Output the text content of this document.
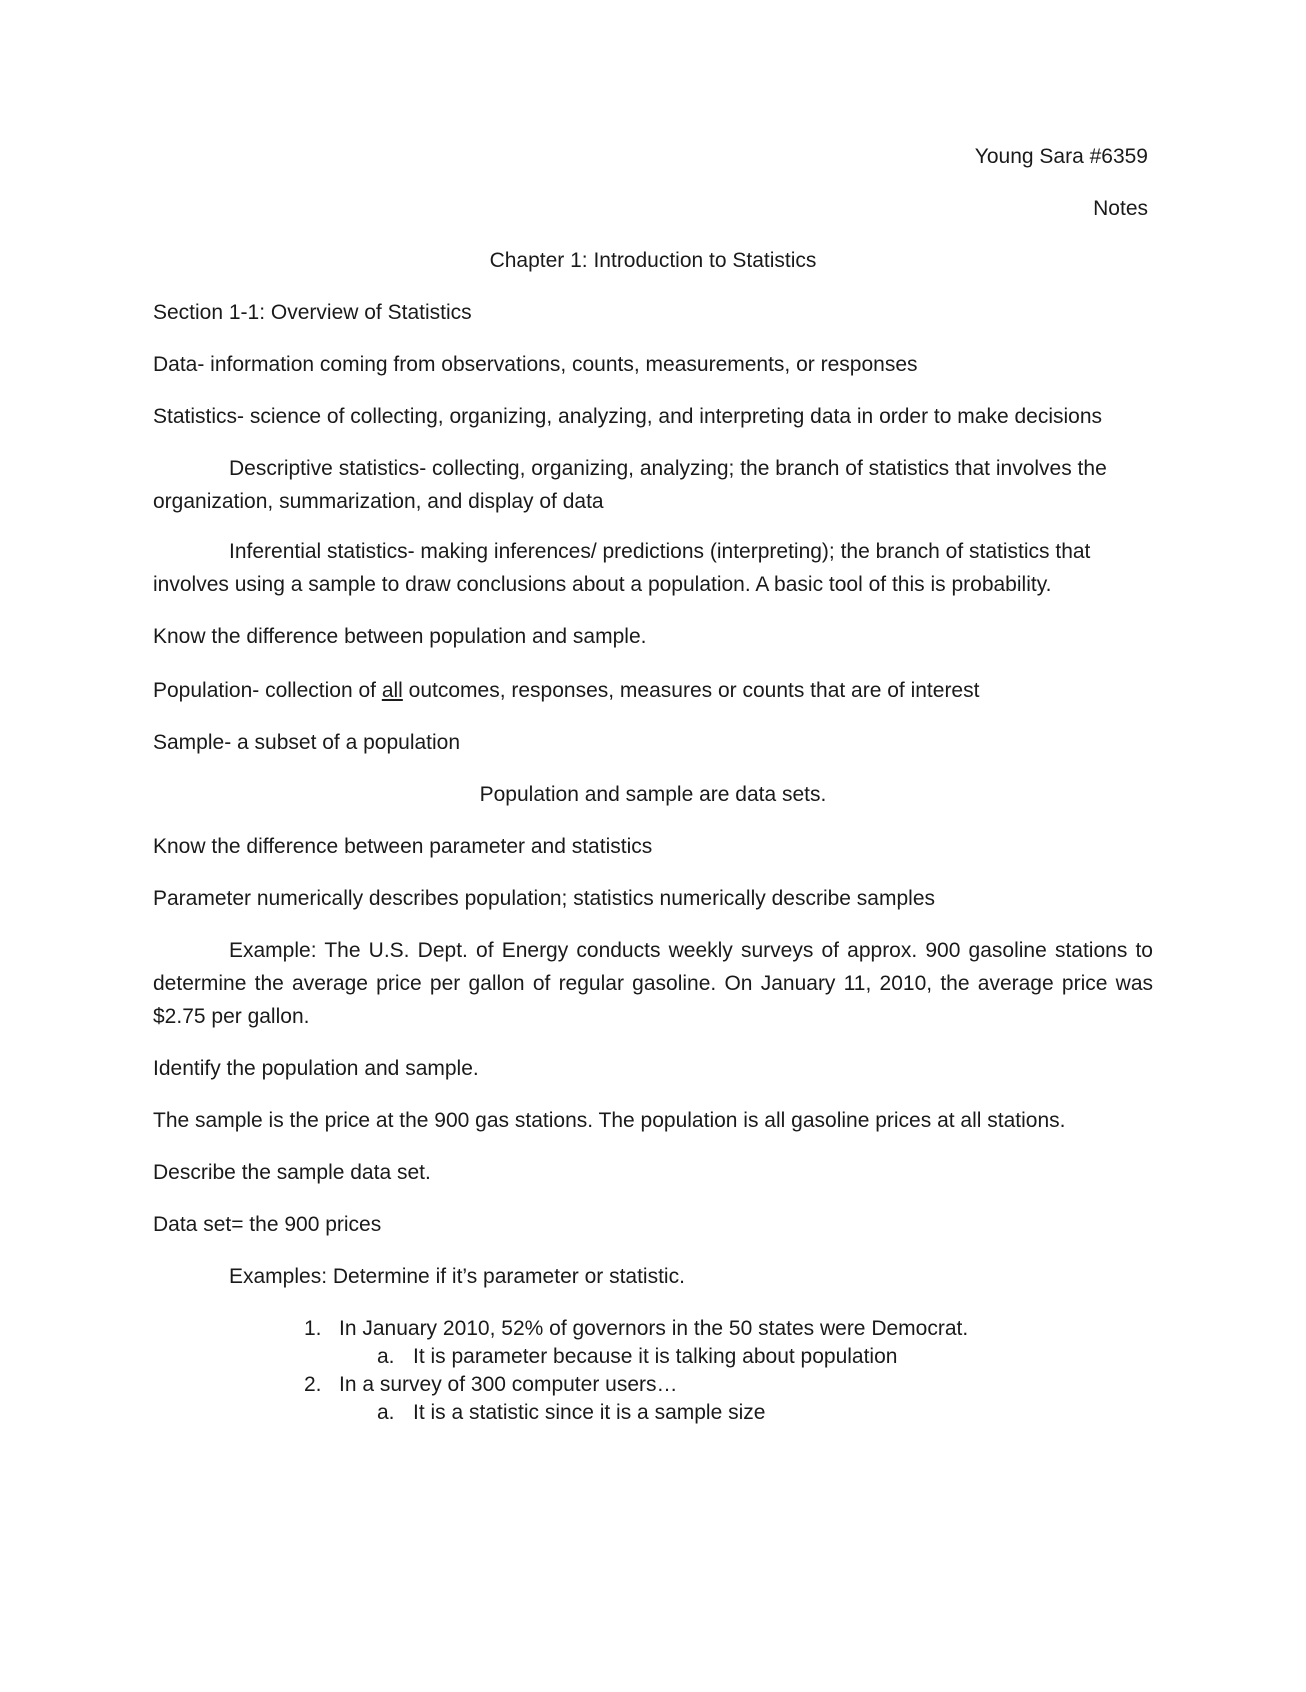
Young Sara #6359
Notes
Chapter 1: Introduction to Statistics
Section 1-1: Overview of Statistics
Data- information coming from observations, counts, measurements, or responses
Statistics- science of collecting, organizing, analyzing, and interpreting data in order to make decisions
Descriptive statistics- collecting, organizing, analyzing; the branch of statistics that involves the organization, summarization, and display of data
Inferential statistics- making inferences/ predictions (interpreting); the branch of statistics that involves using a sample to draw conclusions about a population. A basic tool of this is probability.
Know the difference between population and sample.
Population- collection of all outcomes, responses, measures or counts that are of interest
Sample- a subset of a population
Population and sample are data sets.
Know the difference between parameter and statistics
Parameter numerically describes population; statistics numerically describe samples
Example: The U.S. Dept. of Energy conducts weekly surveys of approx. 900 gasoline stations to determine the average price per gallon of regular gasoline. On January 11, 2010, the average price was $2.75 per gallon.
Identify the population and sample.
The sample is the price at the 900 gas stations. The population is all gasoline prices at all stations.
Describe the sample data set.
Data set= the 900 prices
Examples: Determine if it’s parameter or statistic.
1. In January 2010, 52% of governors in the 50 states were Democrat.
a. It is parameter because it is talking about population
2. In a survey of 300 computer users…
a. It is a statistic since it is a sample size
